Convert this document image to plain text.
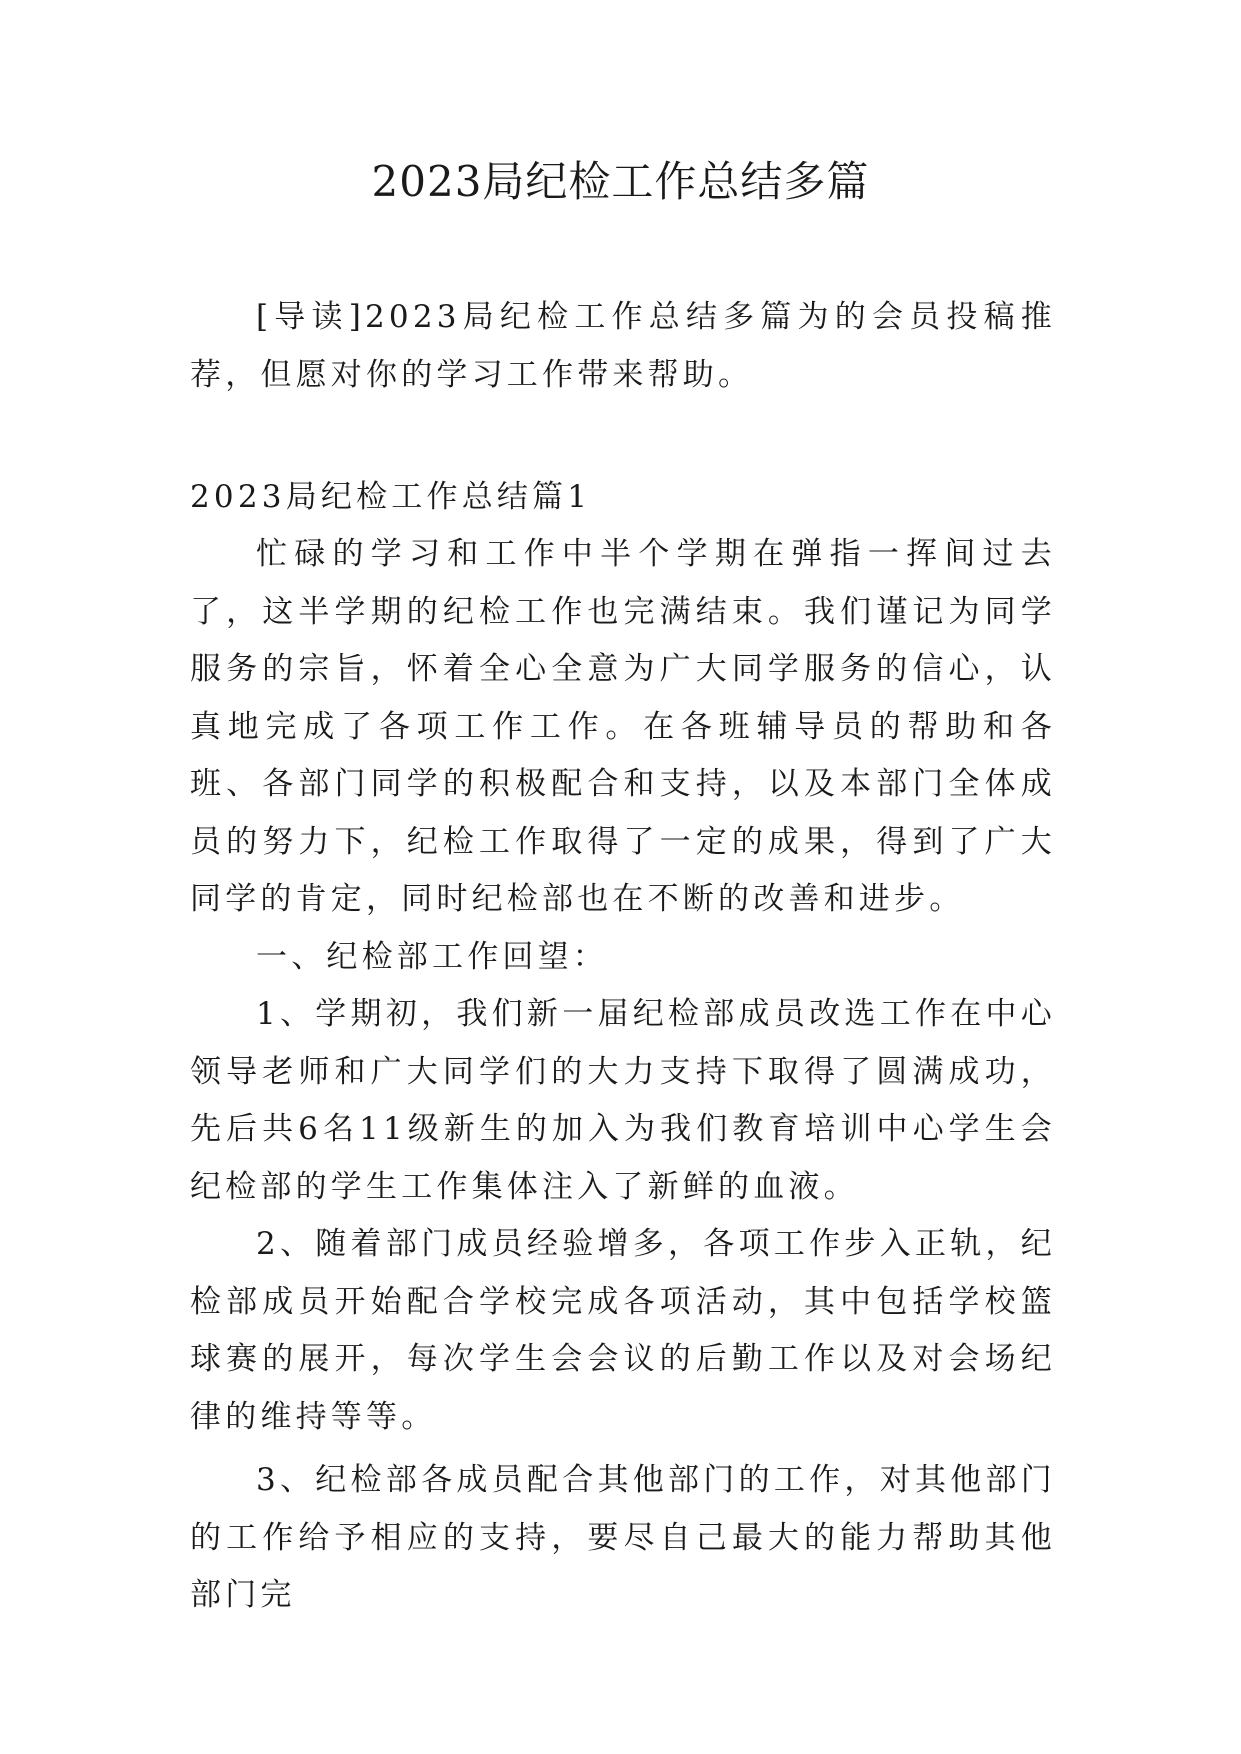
2023局纪检工作总结多篇

[导读]2023局纪检工作总结多篇为的会员投稿推荐，但愿对你的学习工作带来帮助。

2023局纪检工作总结篇1

忙碌的学习和工作中半个学期在弹指一挥间过去了，这半学期的纪检工作也完满结束。我们谨记为同学服务的宗旨，怀着全心全意为广大同学服务的信心，认真地完成了各项工作工作。在各班辅导员的帮助和各班、各部门同学的积极配合和支持，以及本部门全体成员的努力下，纪检工作取得了一定的成果，得到了广大同学的肯定，同时纪检部也在不断的改善和进步。

一、纪检部工作回望：

1、学期初，我们新一届纪检部成员改选工作在中心领导老师和广大同学们的大力支持下取得了圆满成功，先后共6名11级新生的加入为我们教育培训中心学生会纪检部的学生工作集体注入了新鲜的血液。

2、随着部门成员经验增多，各项工作步入正轨，纪检部成员开始配合学校完成各项活动，其中包括学校篮球赛的展开，每次学生会会议的后勤工作以及对会场纪律的维持等等。

3、纪检部各成员配合其他部门的工作，对其他部门的工作给予相应的支持，要尽自己最大的能力帮助其他部门完
